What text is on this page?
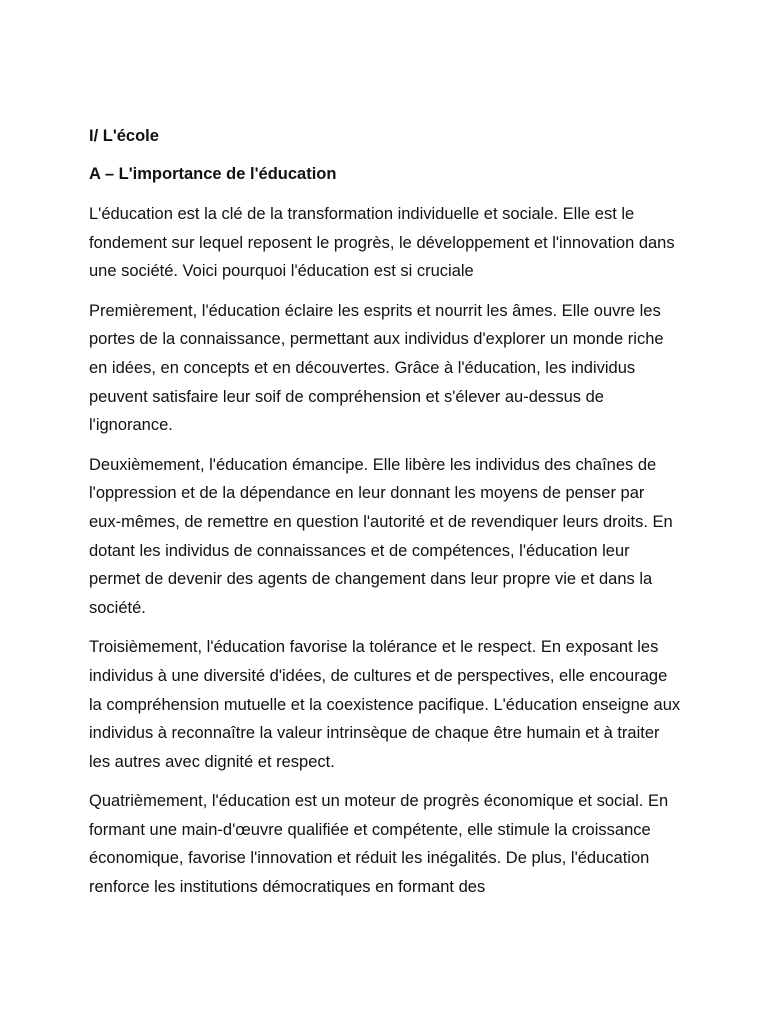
I/ L'école
A – L'importance de l'éducation

L'éducation est la clé de la transformation individuelle et sociale. Elle est le fondement sur lequel reposent le progrès, le développement et l'innovation dans une société. Voici pourquoi l'éducation est si cruciale

Premièrement, l'éducation éclaire les esprits et nourrit les âmes. Elle ouvre les portes de la connaissance, permettant aux individus d'explorer un monde riche en idées, en concepts et en découvertes. Grâce à l'éducation, les individus peuvent satisfaire leur soif de compréhension et s'élever au-dessus de l'ignorance.

Deuxièmement, l'éducation émancipe. Elle libère les individus des chaînes de l'oppression et de la dépendance en leur donnant les moyens de penser par eux-mêmes, de remettre en question l'autorité et de revendiquer leurs droits. En dotant les individus de connaissances et de compétences, l'éducation leur permet de devenir des agents de changement dans leur propre vie et dans la société.

Troisièmement, l'éducation favorise la tolérance et le respect. En exposant les individus à une diversité d'idées, de cultures et de perspectives, elle encourage la compréhension mutuelle et la coexistence pacifique. L'éducation enseigne aux individus à reconnaître la valeur intrinsèque de chaque être humain et à traiter les autres avec dignité et respect.

Quatrièmement, l'éducation est un moteur de progrès économique et social. En formant une main-d'œuvre qualifiée et compétente, elle stimule la croissance économique, favorise l'innovation et réduit les inégalités. De plus, l'éducation renforce les institutions démocratiques en formant des
